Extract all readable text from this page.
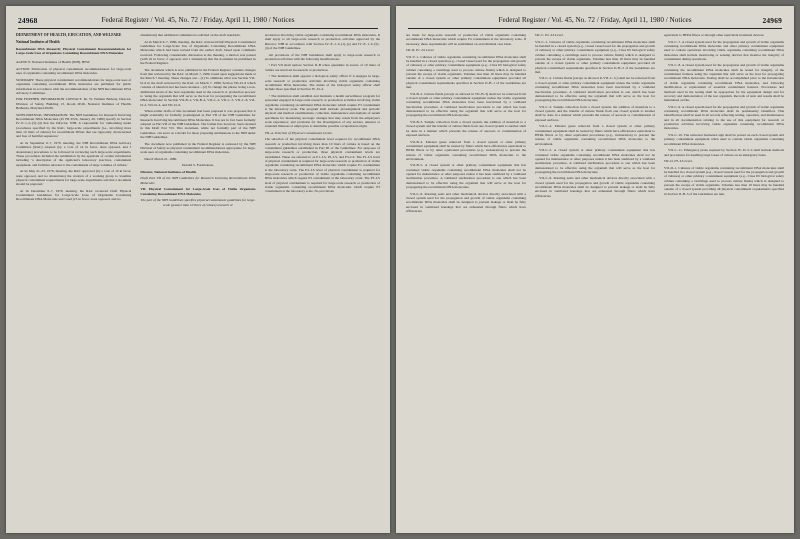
24968	Federal Register / Vol. 45, No. 72 / Friday, April 11, 1980 / Notices
DEPARTMENT OF HEALTH, EDUCATION, AND WELFARE
National Institutes of Health

Recombinant DNA Research; Physical Containment Recommendations for Large-Scale Uses of Organisms Containing Recombinant DNA Molecules

AGENCY: National Institutes of Health (NIH), HEW.

ACTION: Publication of physical containment recommendations for large-scale uses of organisms containing recombinant DNA molecules.

SUMMARY: These physical containment recommendations for large-scale uses of organisms containing recombinant DNA molecules are published for public information in accordance with the recommendation of the NIH Recombinant DNA Advisory Committee.

FOR FURTHER INFORMATION CONTACT: Dr. W. Emmett Barkely, Director, Division of Safety, Building 13, Room 2E40, National Institutes of Health, Bethesda, Maryland 20205.

SUPPLEMENTAL INFORMATION: The NIH Guidelines for Research Involving Recombinant DNA Molecules (45 FR 6724, January 29, 1980) specify in Section IV–E–1–b–(5)–(d) that the Director, NIH, is responsible for 'authorizing under procedures specified by the RAC, large-scale experiments (i.e., involving more than 10 liters of culture) for recombinant DNAs that are rigorously characterized and free of harmful sequences.'

At its September 6–7, 1979, meeting, the NIH Recombinant DNA Advisory Committee (RAC) adopted (by a vote of 14 in favor, none opposed, and 3 abstentions) procedures to be followed in reviewing such large-scale experiments. These procedures included the submission by the applicant of certain information including 'a description of the applicant's laboratory practices, containment equipment, and facilities relevant to the containment of large volumes of culture.'

At its May 21–23, 1979, meeting, the RAC approved (by a vote of 19 in favor, none opposed, and no abstentions) the creation of a working group to 'examine physical containment requirements for large-scale experiments and that a document should be prepared.'

At its December 6–7, 1979, meeting, the RAC reviewed Draft Physical Containment Guidelines for Large-Scale Uses of Organisms Containing Recombinant DNA Molecules and voted (15 in favor, none opposed, and no

abstentions) that additional comments be solicited on the draft standards.

At its March 6–7, 1980, meeting, the RAC reviewed Draft Physical Containment Guidelines for Large-Scale Use of Organisms Containing Recombinant DNA Molecules which had been revised from the earlier draft, based upon comments received. Following considerable discussion at the meeting, a motion was passed (with 16 in favor, 2 opposed, and 1 abstention) that the document be published in the Federal Register.

The document which is now published in the Federal Register contains changes from that reviewed by the RAC on March 7, 1980, based upon suggestions made at the March 7 meeting. These changes are:—(1) To eliminate what was Section VII–D–6 in the draft reviewed by the RAC on March 7, 1980; Section VII–D–6 which consists of identical text has been retained.—(2) To change the phrase 'using a non-debilitated strain of the host organisms used in the research or production process' to 'using the organism that will serve as the host for propagating the recombinant DNA molecules' in Section VII–B–2, VII–B–4, VII–C–2, VII–C–5, VII–C–8, VII–D–2, VII–D–4, and VII–D–6.

When earlier drafts of this document had been prepared it was proposed that it might eventually be formally promulgated as Part VII of the NIH Guidelines for Research Involving Recombinant DNA Molecules. It has not in fact been formally adopted as Part VII of the NIH Guidelines. The format has, however, been retained in this Draft Part VII. This document, while not formally part of the NIH Guidelines, can serve as a model for those preparing submissions to the NIH under the NIH Guidelines.

The document now published in the Federal Register is endorsed by the NIH Division of Safety as physical containment recommendations appropriate for large-scale uses of organisms containing recombinant DNA molecules.

Dated: March 21, 1980.

Donald S. Fredrickson,

Director, National Institutes of Health.

Draft Part VII of the NIH Guidelines for Research Involving Recombinant DNA Molecules

VII. Physical Containment for Large-Scale Uses of Viable Organisms Containing Recombinant DNA Molecules

The part of the NIH Guidelines specifies physical containment guidelines for large-scale (greater than 10 liters of culture) research or

production involving viable organisms containing recombinant DNA molecules. It shall apply to all large-scale research or production activities approved by the Director, NIH in accordance with Section IV–E–1–b–(1)–(e) and IV–E–1–b–(5)–(d) of the NIH Guidelines.

All provisions of the NIH Guidelines shall apply to large-scale research or production activities with the following modifications:

• Part VII shall replace Section II–B when quantities in excess of 10 liters of culture are involved in research or production.

• The institution shall appoint a biological safety officer if it engages in large-scale research or production activities involving viable organisms containing recombinant DNA molecules. The duties of the biological safety officer shall include those specified in Section IV–D–4.

• The institution shall establish and maintain a health surveillance program for personnel engaged in large-scale research or production activities involving viable organisms containing recombinant DNA molecules which require P3 containment at the laboratory scale. The program shall include: preassignment and periodic physical and medical examinations; collection, maintenance and analysis of serum specimens for monitoring serologic changes that may result from the employee's work experience; and provision for the investigation of any serious, unusual or extended illnesses of employees to determine possible occupational origin.

VII–A. Selection of Physical Containment Levels.

The selection of the physical containment level required for recombinant DNA research or production involving more than 10 liters of culture is based on the containment guidelines established in Part III of the Guidelines. For purposes of large-scale research or production, three physical containment levels are established. These are referred to as P1–LS, P2–LS, and P3–LS. The P1–LS level of physical containment is required for large-scale research or production of viable organisms containing recombinant DNA molecules which require P1 containment at the laboratory scale. The P2–LS level of physical containment is required for large-scale research or production of viable organisms containing recombinant DNA molecules which require P2 containment at the laboratory scale. The P3–LS level of physical containment is required for large-scale research or production of viable organisms containing recombinant DNA molecules which require P3 containment at the laboratory scale. No provisions

24969
Federal Register / Vol. 45, No. 72 / Friday, April 11, 1980 / Notices

are made for large-scale research or production of viable organisms containing recombinant DNA molecules which require P4 containment at the laboratory scale. If necessary, these requirements will be established on an individual case basis.

VII–B. P1–LS Level.

VII–V–1. Cultures of viable organisms containing recombinant DNA molecules shall be handled in a closed system (e.g., closed vessel used for the propagation and growth of cultures) or other primary containment equipment (e.g., Class III biological safety cabinet containing a centrifuge used to process culture fluids) which is designed to prevent the escape of viable organisms. Volumes less than 10 liters may be handled outside of a closed system or other primary containment equipment provided all physical containment requirements specified in Section II–B–1 of the Guidelines are met.

VII–B–2. Culture fluids (except as allowed in VII–B–3) shall not be removed from a closed system or other primary containment equipment unless the viable organisms containing recombinant DNA molecules have been inactivated by a validated inactivation procedure. A validated inactivation procedure is one which has been demonstrated to be effective using the organism that will serve as the host for propagating the recombinant DNA molecules.

VII–B–3. Sample collection from a closed system, the addition of materials to a closed system and the transfer of culture fluids from one closed system to another shall be done in a manner which prevents the release of aerosols or contamination of exposed surfaces.

VII–B–4. Exhaust gases removed from a closed system or other primary containment equipment shall be treated by filters which have efficiencies equivalent to HEPA filters or by other equivalent procedures (e.g., incineration) to prevent the release of viable organisms containing recombinant DNA molecules to the environment.

VII–B–5. A closed system or other primary containment equipment that has contained viable organisms containing recombinant DNA molecules shall not be opened for maintenance or other purposes unless it has been sterilized by a validated sterilization procedure. A validated sterilization procedure is one which has been demonstrated to be effective using the organism that will serve as the host for propagating the recombinant DNA molecules.

VII–C–6. Rotating seals and other mechanical devices directly associated with a closed system used for the propagation and growth of viable organisms containing recombinant DNA molecules shall be designed to prevent leakage or shall be fully enclosed in ventilated housings that are exhausted through filters which have efficiencies

VII–C. P2–LS Level.

VII–C–1. Cultures of viable organisms containing recombinant DNA molecules shall be handled in a closed system (e.g., closed vessel used for the propagation and growth of cultures) or other primary containment equipment (e.g., Class III biological safety cabinet containing a centrifuge used to process culture fluids) which is designed to prevent the escape of viable organisms. Volumes less than 10 liters may be handled outside of a closed system or other primary containment equipment provided all physical containment requirements specified in Section II–B–2 of the Guidelines are met.

VII–C–2. Culture fluids (except as allowed in VII–C–3.) shall not be removed from a closed system or other primary containment equipment unless the viable organisms containing recombinant DNA molecules have been inactivated by a validated inactivation procedure. A validated inactivation procedure is one which has been demonstrated to be effective using the organism that will serve as the host for propagating the recombinant DNA molecules.

VII–C–3. Sample collection from a closed system, the addition of materials to a closed system, and the transfer of culture fluids from one closed system to another shall be done in a manner which prevents the release of aerosols or contamination of exposed surfaces.

VII–C–4. Exhaust gases removed from a closed system or other primary containment equipment shall be treated by filters which have efficiencies equivalent to HEPA filters or by other equivalent procedures (e.g., incineration) to prevent the release of viable organisms containing recombinant DNA molecules to the environment.

VII–C–5. A closed system or other primary containment equipment that has contained viable organisms containing recombinant DNA molecules shall not be opened for maintenance or other purposes unless it has been sterilized by a validated sterilization procedure. A validated sterilization procedure is one which has been demonstrated to be effective using the organism that will serve as the host for propagating the recombinant DNA molecules.

VII–C–6. Rotating seals and other mechanical devices directly associated with a closed system used for the propagation and growth of viable organisms containing recombinant DNA molecules shall be designed to prevent leakage or shall be fully enclosed in ventilated housings that are exhausted through filters which have efficiencies

equivalent to HEPA filters or through other equivalent treatment devices.

VII–C–7. A closed system used for the propagation and growth of viable organisms containing recombinant DNA molecules and other primary containment equipment used to contain operations involving viable organisms containing recombinant DNA molecules shall include monitoring or sensing devices that monitor the integrity of containment during operations.

VII–C–8. A closed system used for the propagation and growth of viable organisms containing the recombinant DNA molecules shall be tested for integrity of the containment features using the organism that will serve as the host for propagating recombinant DNA molecules. Testing shall be accomplished prior to the introduction of viable organisms containing recombinant DNA molecules, and following modification or replacement of essential containment features. Procedures and methods used in the testing shall be appropriate for the equipment design and for recovery and demonstration of the test organism. Records of tests and results shall be maintained on file.

VII–C–9. A closed system used for the propagation and growth of viable organisms containing recombinant DNA molecules shall be permanently identified. This identification shall be used in all records reflecting testing, operation, and maintenance and in all documentation relating to the use of this equipment for research or production activities involving viable organisms containing recombinant DNA molecules.

VII–C–10. The universal biohazard sign shall be posted on each closed system and primary containment equipment when used to contain viable organisms containing recombinant DNA molecules.

VII–C–11. Emergency plans required by Section IV–D–3–d shall include methods and procedures for handling large losses of culture on an emergency basis.

VII–D. P3–LS Level.

VII–D–1. Cultures of viable organisms containing recombinant DNA molecules shall be handled in a closed system (e.g., closed vessels used for the propagation and growth of cultures) or other primary containment equipment (e.g., Class III biological safety cabinet containing a centrifuge used to process culture fluids) which is designed to prevent the escape of viable organisms. Volumes less than 10 liters may be handled outside of a closed system providing all physical containment requirements specified in Section II–B–3 of the Guidelines are met.
